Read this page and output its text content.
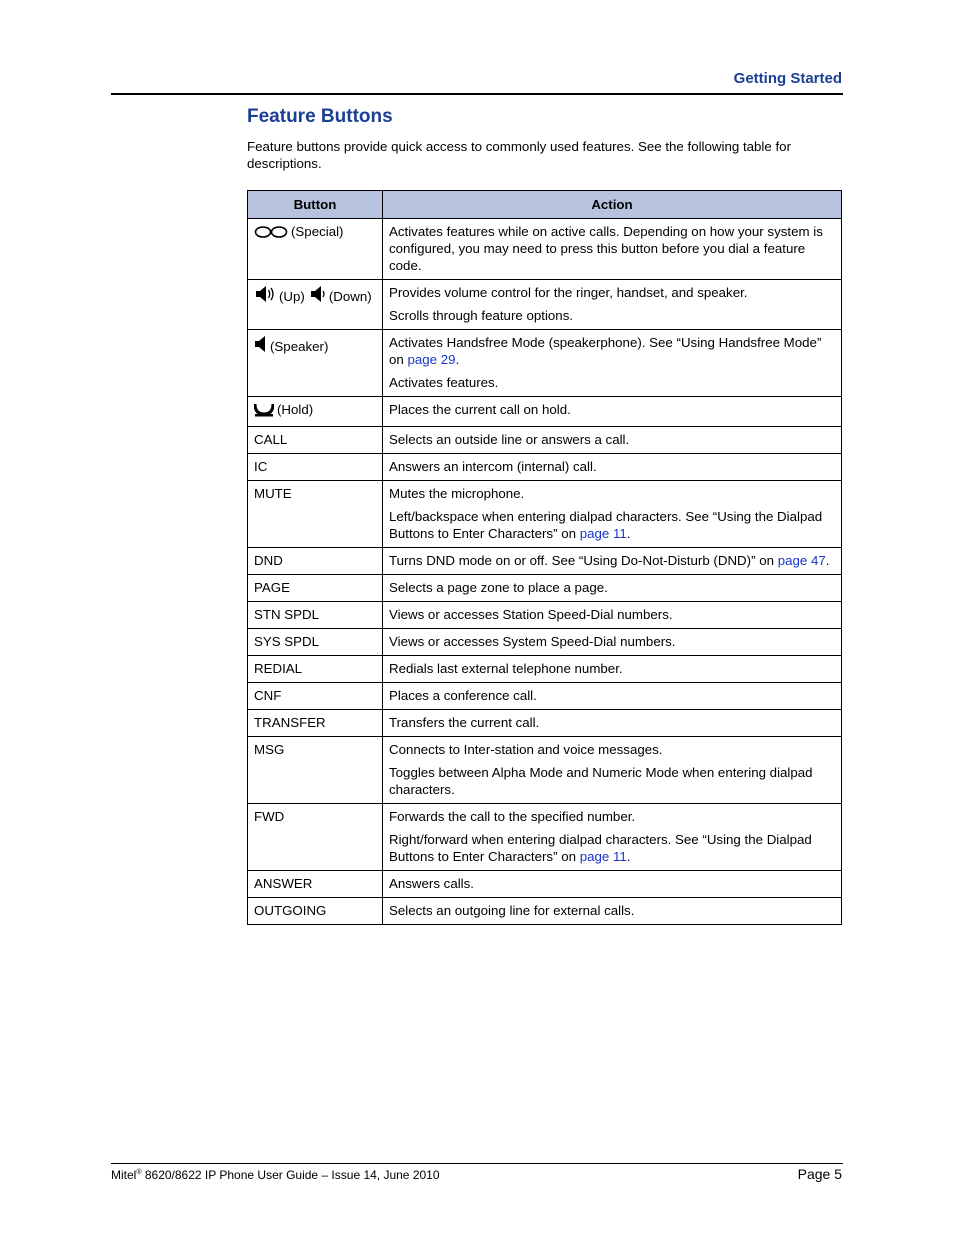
Getting Started
Feature Buttons
Feature buttons provide quick access to commonly used features. See the following table for descriptions.
Button	Action
(Special)	Activates features while on active calls. Depending on how your system is configured, you may need to press this button before you dial a feature code.

(Up) (Down)	Provides volume control for the ringer, handset, and speaker.

Scrolls through feature options.

(Speaker)	Activates Handsfree Mode (speakerphone). See “Using Handsfree Mode” on page 29.

Activates features.

(Hold)	Places the current call on hold.

CALL	Selects an outside line or answers a call.

IC	Answers an intercom (internal) call.

MUTE	Mutes the microphone.

Left/backspace when entering dialpad characters. See “Using the Dialpad Buttons to Enter Characters” on page 11.

DND	Turns DND mode on or off. See “Using Do-Not-Disturb (DND)” on page 47.

PAGE	Selects a page zone to place a page.

STN SPDL	Views or accesses Station Speed-Dial numbers.

SYS SPDL	Views or accesses System Speed-Dial numbers.

REDIAL	Redials last external telephone number.

CNF	Places a conference call.

TRANSFER	Transfers the current call.

MSG	Connects to Inter-station and voice messages.

Toggles between Alpha Mode and Numeric Mode when entering dialpad characters.

FWD	Forwards the call to the specified number.

Right/forward when entering dialpad characters. See “Using the Dialpad Buttons to Enter Characters” on page 11.

ANSWER	Answers calls.

OUTGOING	Selects an outgoing line for external calls.

Mitel® 8620/8622 IP Phone User Guide – Issue 14, June 2010	Page 5
